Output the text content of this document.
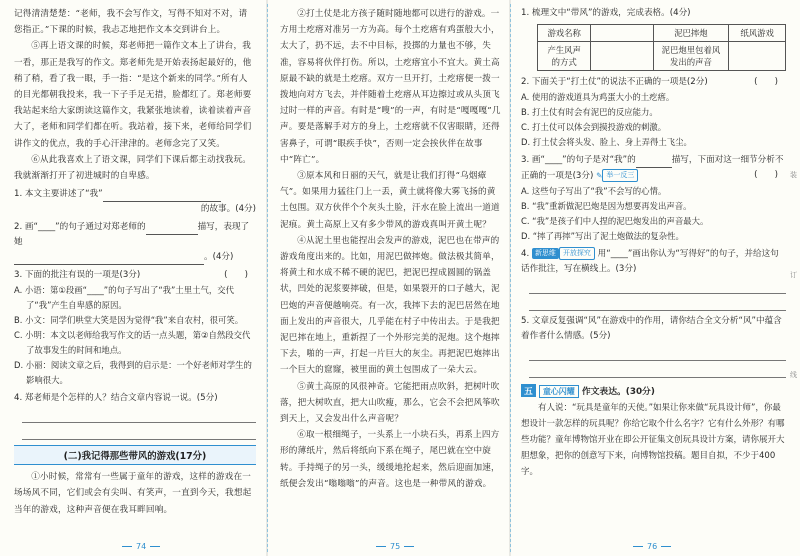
记得清清楚楚：“老师，我不会写作文，写得不知对不对，请您指正。”下课的时候，我忐忑地把作文本交到讲台上。

⑤再上语文课的时候，郑老师把一篇作文本上了讲台，我一看，那正是我写的作文。郑老师先是开始表扬起最好的，他稍了稍，看了我一眼，手一指：“是这个新来的同学。”所有人的目光都朝我投来，我一下子手足无措，脸都红了。郑老师要我站起来给大家朗读这篇作文，我紧张地读着，读着读着声音大了，老师和同学们都在听。我站着，接下来，老师给同学们讲作文的优点，我的手心汗津津的。老师念完了又笑。

⑥从此我喜欢上了语文课，同学们下课后都主动找我玩。我就渐渐打开了初进城时的自卑感。

1. 本文主要讲述了“我”

的故事。(4分)

2. 画“____”的句子通过对郑老师的	描写，表现了她

。(4分)

3. 下面的批注有误的一项是(3分)	(　　)

A. 小语：第①段画“____”的句子写出了“我”土里土气，交代了“我”产生自卑感的原因。

B. 小文：同学们哄堂大笑是因为觉得“我”来自农村，很可笑。

C. 小明：本文以老师给我写作文的话一点头题，第②自然段交代了故事发生的时间和地点。

D. 小丽：阅读文章之后，我得到的启示是：一个好老师对学生的影响很大。

4. 郑老师是个怎样的人？结合文章内容说一说。(5分)

(二)我记得那些带风的游戏(17分)

①小时候，常常有一些属于童年的游戏，这样的游戏在一场场风不同，它们或会有尖叫、有笑声，一直到今天，我想起当年的游戏，这种声音便在我耳畔回响。

74

②打土仗是北方孩子随时随地都可以进行的游戏。一方用土疙瘩对准另一方为高。每个土疙瘩有鸡蛋般大小，太大了，扔不远，去不中目标，投掷的力量也不够，失准，容易将伙伴打伤。所以，土疙瘩宜小不宜大。黄土高原最不缺的就是土疙瘩。双方一旦开打，土疙瘩便一拨一拨地向对方飞去，并伴随着土疙瘩从耳边擦过或从头顶飞过时一样的声音。有时是“嗖”的一声，有时是“嘎嘎嘎”几声。要是落解手对方的身上，土疙瘩就不仅害眼睛，还得害鼻子，可谓“眼疾手快”，否则一定会挨伙伴在故事中“阵亡”。

③原本风和日丽的天气，就是让我们打得“乌烟瘴气”。如果用力猛往门上一丢，黄土就将像大雾飞扬的黄土包围。双方伙伴个个灰头土脸，汗水在脸上流出一道道泥痕。黄土高原上又有多少带风的游戏真叫开黄土呢？

④从泥土里也能捏出会发声的游戏，泥巴也在带声的游戏角度出来的。比如，用泥巴做摔炮。做法极其简单，将黄土和水成不稀不硬的泥巴，把泥巴捏成圆圆的锅盖状，凹处的泥浆要摔破，但是，如果裂开的口子越大，泥巴炮的声音便越响亮。有一次，我摔下去的泥巴居然在地面上发出的声音很大，几乎能在村子中传出去。于是我把泥巴摔在地上，重新捏了一个外形完美的泥炮。这个炮摔下去，啪的一声，打起一片巨大的灰尘。再把泥巴炮摔出一个巨大的窟窿，被里面的黄土包围成了一朵大云。

⑤黄土高原的风很神奇。它能把雨点吹斜，把树叶吹落，把大树吹直，把大山吹瘦，那么，它会不会把风筝吹到天上，又会发出什么声音呢？

⑥取一根细绳子，一头系上一小块石头，再系上四方形的薄纸片，然后将纸向下系在绳子，尾巴就在空中旋转。手持绳子的另一头，缓缓地抡起来，然后迎面加速，纸便会发出“嗡嗡嗡”的声音。这也是一种带风的游戏。

75

1. 梳理文中“带风”的游戏，完成表格。(4分)

游戏名称		泥巴摔炮	纸风游戏
产生风声的方式		泥巴炮里包着风发出的声音	

2. 下面关于“打土仗”的说法不正确的一项是(2分)	(　　)

A. 使用的游戏道具为鸡蛋大小的土疙瘩。

B. 打土仗有时会有泥巴的反应能力。

C. 打土仗可以体会到摸投游戏的刺激。

D. 打土仗会将头发、脸上、身上弄得土飞尘。

3. 画“____”的句子是对“我”的	描写，下面对这一细节分析不正确的一项是(3分) ✎ 举一反三	(　　)

A. 这些句子写出了“我”不会写的心情。

B. “我”重新做泥巴炮是因为想要再发出声音。

C. “我”是孩子们中人捏的泥巴炮发出的声音最大。

D. “摔了再摔”写出了泥土炮做法的复杂性。

4. 新思维 开放探究 用“____”画出你认为“写得好”的句子，并给这句话作批注，写在横线上。(3分)

5. 文章反复强调“风”在游戏中的作用，请你结合全文分析“风”中蕴含着作者什么情感。(5分)

五 童心闪耀 作文表达。(30分)

有人说：“玩具是童年的天使。”如果让你来做“玩具设计师”，你最想设计一款怎样的玩具呢？你给它取个什么名字？它有什么外形？有哪些功能？童年博物馆开业在即公开征集文创玩具设计方案，请你展开大胆想象，把你的创意写下来，向博物馆投稿。题目自拟，不少于400字。

76
装
订
线
